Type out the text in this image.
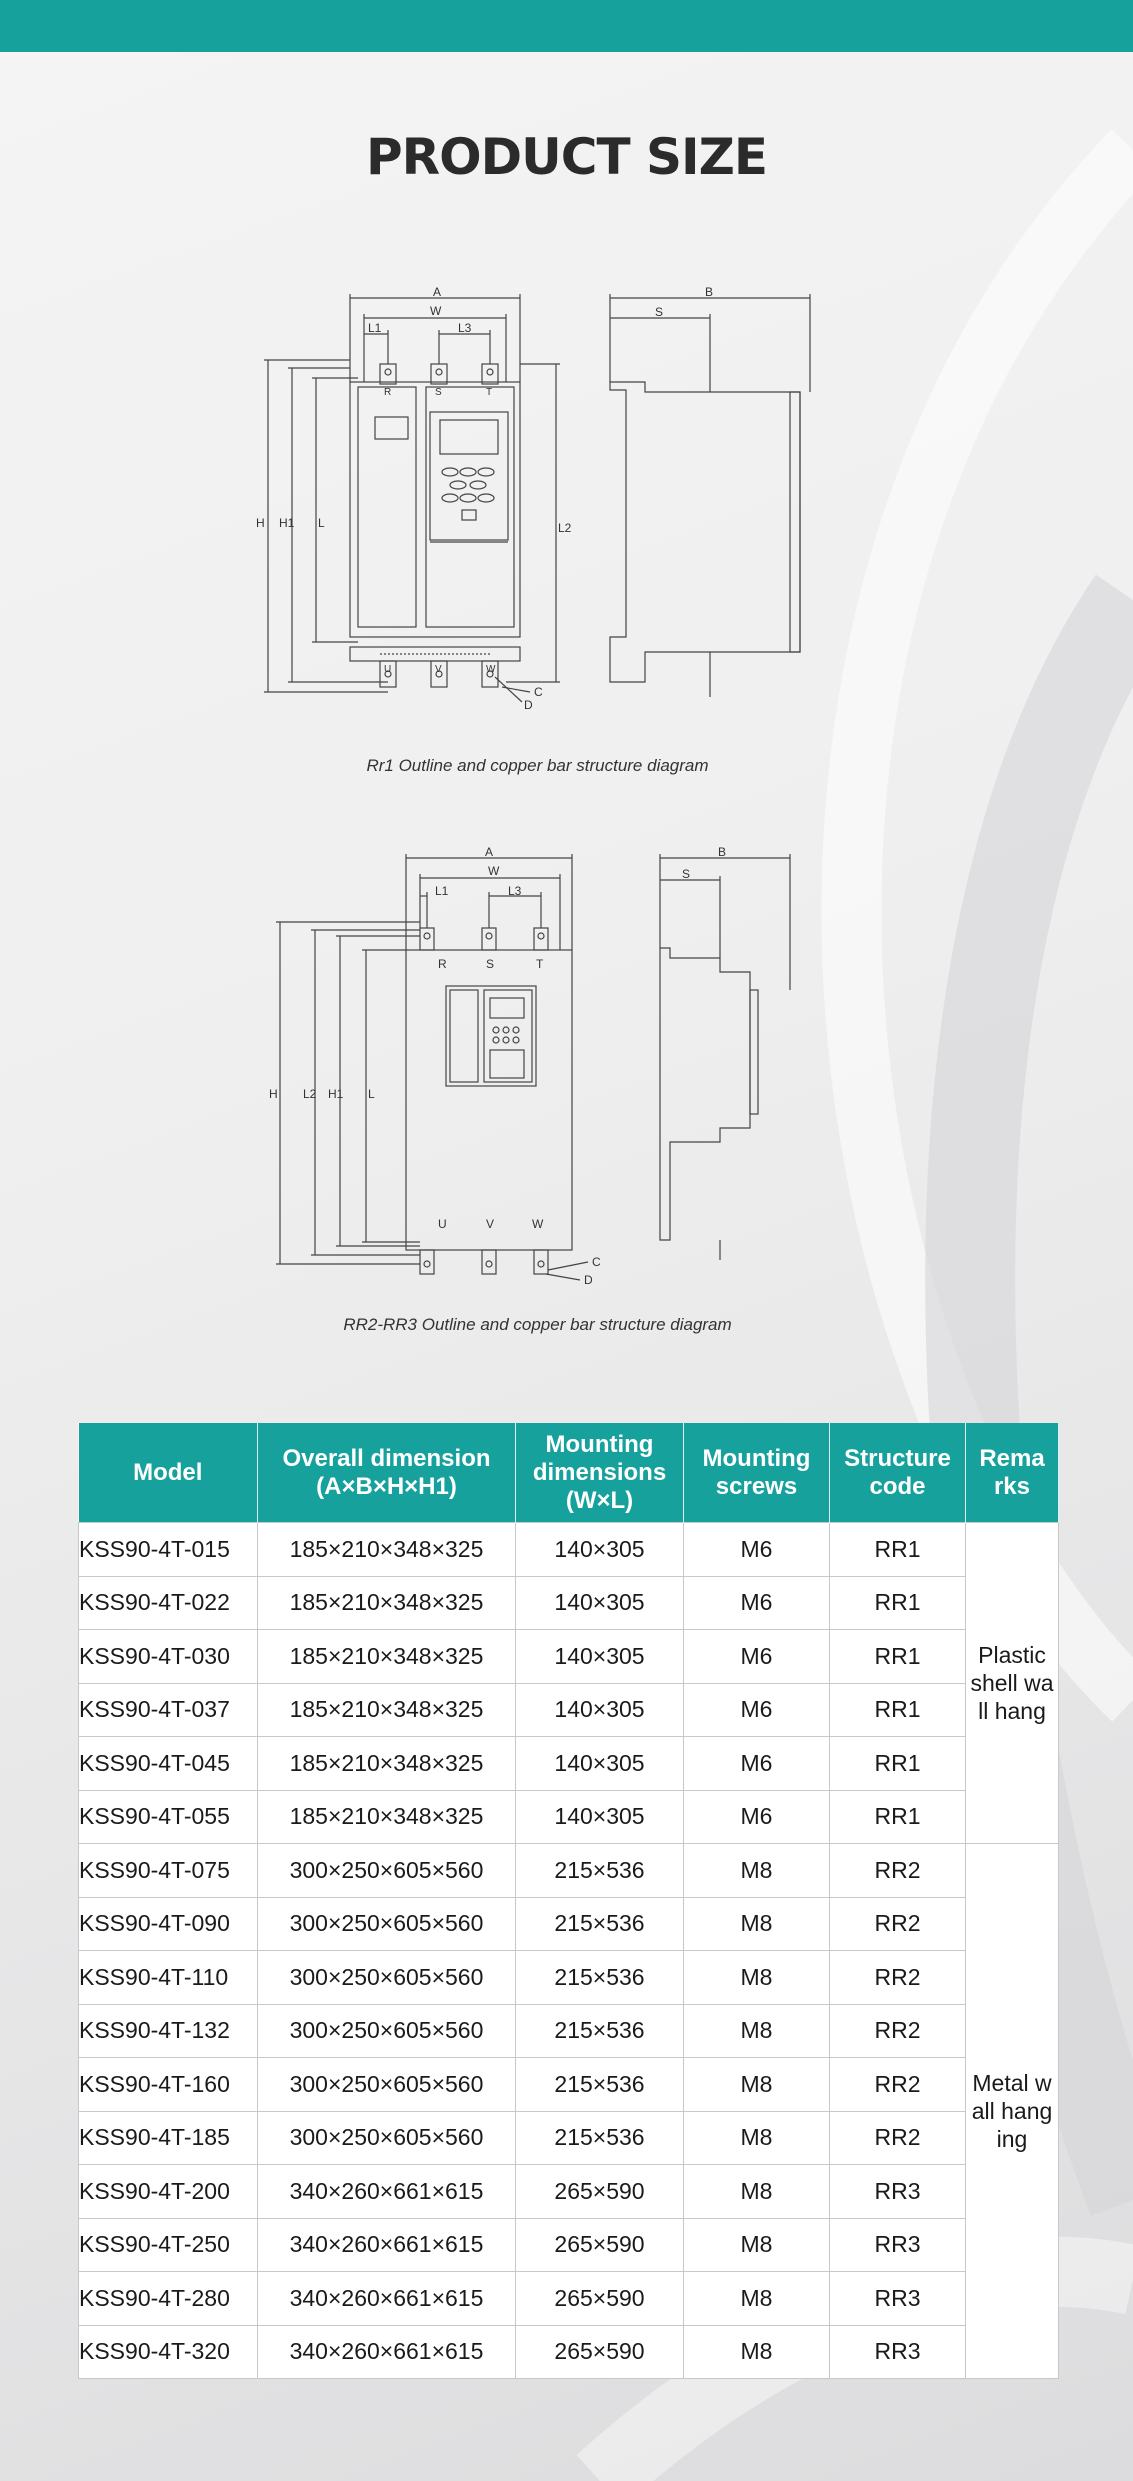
PRODUCT SIZE
A
W
L1	L3
B
S
H H1 L	L2
R	S	T
U	V	W
C
D
Rr1 Outline and copper bar structure diagram
A
W
L1	L3
B
S
H L2 H1 L
R	S	T
U	V	W
C
D
RR2-RR3 Outline and copper bar structure diagram
Model	Overall dimension (A×B×H×H1)	Mounting dimensions (W×L)	Mounting screws	Structure code	Rema rks
KSS90-4T-015	185×210×348×325	140×305	M6	RR1	Plastic shell wall hang
KSS90-4T-022	185×210×348×325	140×305	M6	RR1	
KSS90-4T-030	185×210×348×325	140×305	M6	RR1	
KSS90-4T-037	185×210×348×325	140×305	M6	RR1	
KSS90-4T-045	185×210×348×325	140×305	M6	RR1	
KSS90-4T-055	185×210×348×325	140×305	M6	RR1	
KSS90-4T-075	300×250×605×560	215×536	M8	RR2	Metal wall hanging
KSS90-4T-090	300×250×605×560	215×536	M8	RR2	
KSS90-4T-110	300×250×605×560	215×536	M8	RR2	
KSS90-4T-132	300×250×605×560	215×536	M8	RR2	
KSS90-4T-160	300×250×605×560	215×536	M8	RR2	
KSS90-4T-185	300×250×605×560	215×536	M8	RR2	
KSS90-4T-200	340×260×661×615	265×590	M8	RR3	
KSS90-4T-250	340×260×661×615	265×590	M8	RR3	
KSS90-4T-280	340×260×661×615	265×590	M8	RR3	
KSS90-4T-320	340×260×661×615	265×590	M8	RR3	
